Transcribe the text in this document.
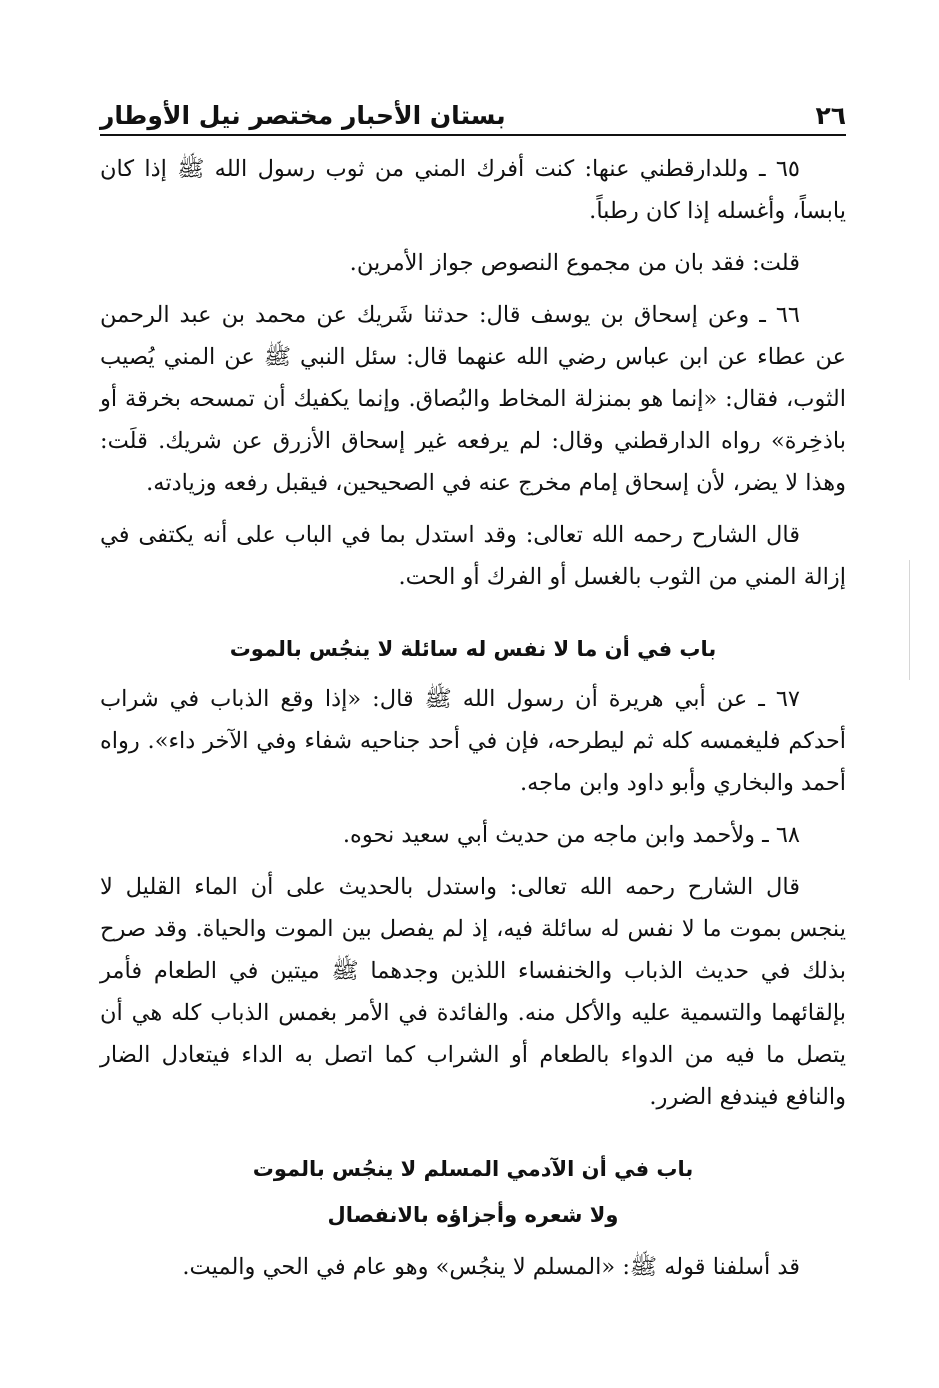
٢٦
بستان الأحبار مختصر نيل الأوطار

٦٥ ـ وللدارقطني عنها: كنت أفرك المني من ثوب رسول الله ﷺ إذا كان يابساً، وأغسله إذا كان رطباً.

قلت: فقد بان من مجموع النصوص جواز الأمرين.

٦٦ ـ وعن إسحاق بن يوسف قال: حدثنا شَريك عن محمد بن عبد الرحمن عن عطاء عن ابن عباس رضي الله عنهما قال: سئل النبي ﷺ عن المني يُصيب الثوب، فقال: «إنما هو بمنزلة المخاط والبُصاق. وإنما يكفيك أن تمسحه بخرقة أو باذخِرة» رواه الدارقطني وقال: لم يرفعه غير إسحاق الأزرق عن شريك. قلَت: وهذا لا يضر، لأن إسحاق إمام مخرج عنه في الصحيحين، فيقبل رفعه وزيادته.

قال الشارح رحمه الله تعالى: وقد استدل بما في الباب على أنه يكتفى في إزالة المني من الثوب بالغسل أو الفرك أو الحت.

باب في أن ما لا نفس له سائلة لا ينجُس بالموت

٦٧ ـ عن أبي هريرة أن رسول الله ﷺ قال: «إذا وقع الذباب في شراب أحدكم فليغمسه كله ثم ليطرحه، فإن في أحد جناحيه شفاء وفي الآخر داء». رواه أحمد والبخاري وأبو داود وابن ماجه.

٦٨ ـ ولأحمد وابن ماجه من حديث أبي سعيد نحوه.

قال الشارح رحمه الله تعالى: واستدل بالحديث على أن الماء القليل لا ينجس بموت ما لا نفس له سائلة فيه، إذ لم يفصل بين الموت والحياة. وقد صرح بذلك في حديث الذباب والخنفساء اللذين وجدهما ﷺ ميتين في الطعام فأمر بإلقائهما والتسمية عليه والأكل منه. والفائدة في الأمر بغمس الذباب كله هي أن يتصل ما فيه من الدواء بالطعام أو الشراب كما اتصل به الداء فيتعادل الضار والنافع فيندفع الضرر.

باب في أن الآدمي المسلم لا ينجُس بالموت
ولا شعره وأجزاؤه بالانفصال

قد أسلفنا قوله ﷺ: «المسلم لا ينجُس» وهو عام في الحي والميت.
